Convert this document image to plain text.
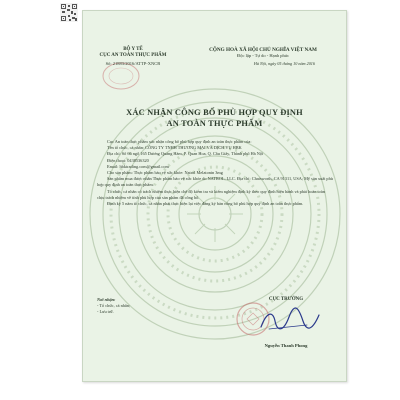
BỘ Y TẾ
CỤC AN TOÀN THỰC PHẨM
Số: 21883/2016/ATTP-XNCB
CỘNG HOÀ XÃ HỘI CHỦ NGHĨA VIỆT NAM
Độc lập - Tự do - Hạnh phúc
Hà Nội, ngày 05 tháng 10 năm 2016
XÁC NHẬN CÔNG BỐ PHÙ HỢP QUY ĐỊNH
AN TOÀN THỰC PHẨM

Cục An toàn thực phẩm xác nhận công bố phù hợp quy định an toàn thực phẩm của:

Tên tổ chức, cá nhân: CÔNG TY TNHH THƯƠNG MẠI VÀ DỊCH VỤ HBK

Địa chỉ: Số 66 ngõ 165 Dương Quảng Hàm, P. Quan Hoa, Q. Cầu Giấy, Thành phố Hà Nội

Điện thoại: 0438536320

Email: hbktrading.com@gmail.com

Cho sản phẩm: Thực phẩm bảo vệ sức khỏe: Natrol Melatonin 3mg

Sản phẩm mua được nhãn Thực phẩm bảo vệ sức khỏe do NATROL, LLC. Địa chỉ: Chatsworth, CA 91311, USA; Mỹ sản xuất phù hợp quy định an toàn thực phẩm.

Tổ chức, cá nhân có trách nhiệm thực hiện chế độ kiểm tra và kiểm nghiệm định kỳ theo quy định hiện hành và phải hoàn toàn chịu trách nhiệm về tính phù hợp của sản phẩm đã công bố.

Định kỳ 5 năm tổ chức, cá nhân phải thực hiện lại việc đăng ký bản công bố phù hợp quy định an toàn thực phẩm.

Nơi nhận:
- Tổ chức, cá nhân;
- Lưu trữ.
CỤC TRƯỞNG
Nguyễn Thanh Phong
